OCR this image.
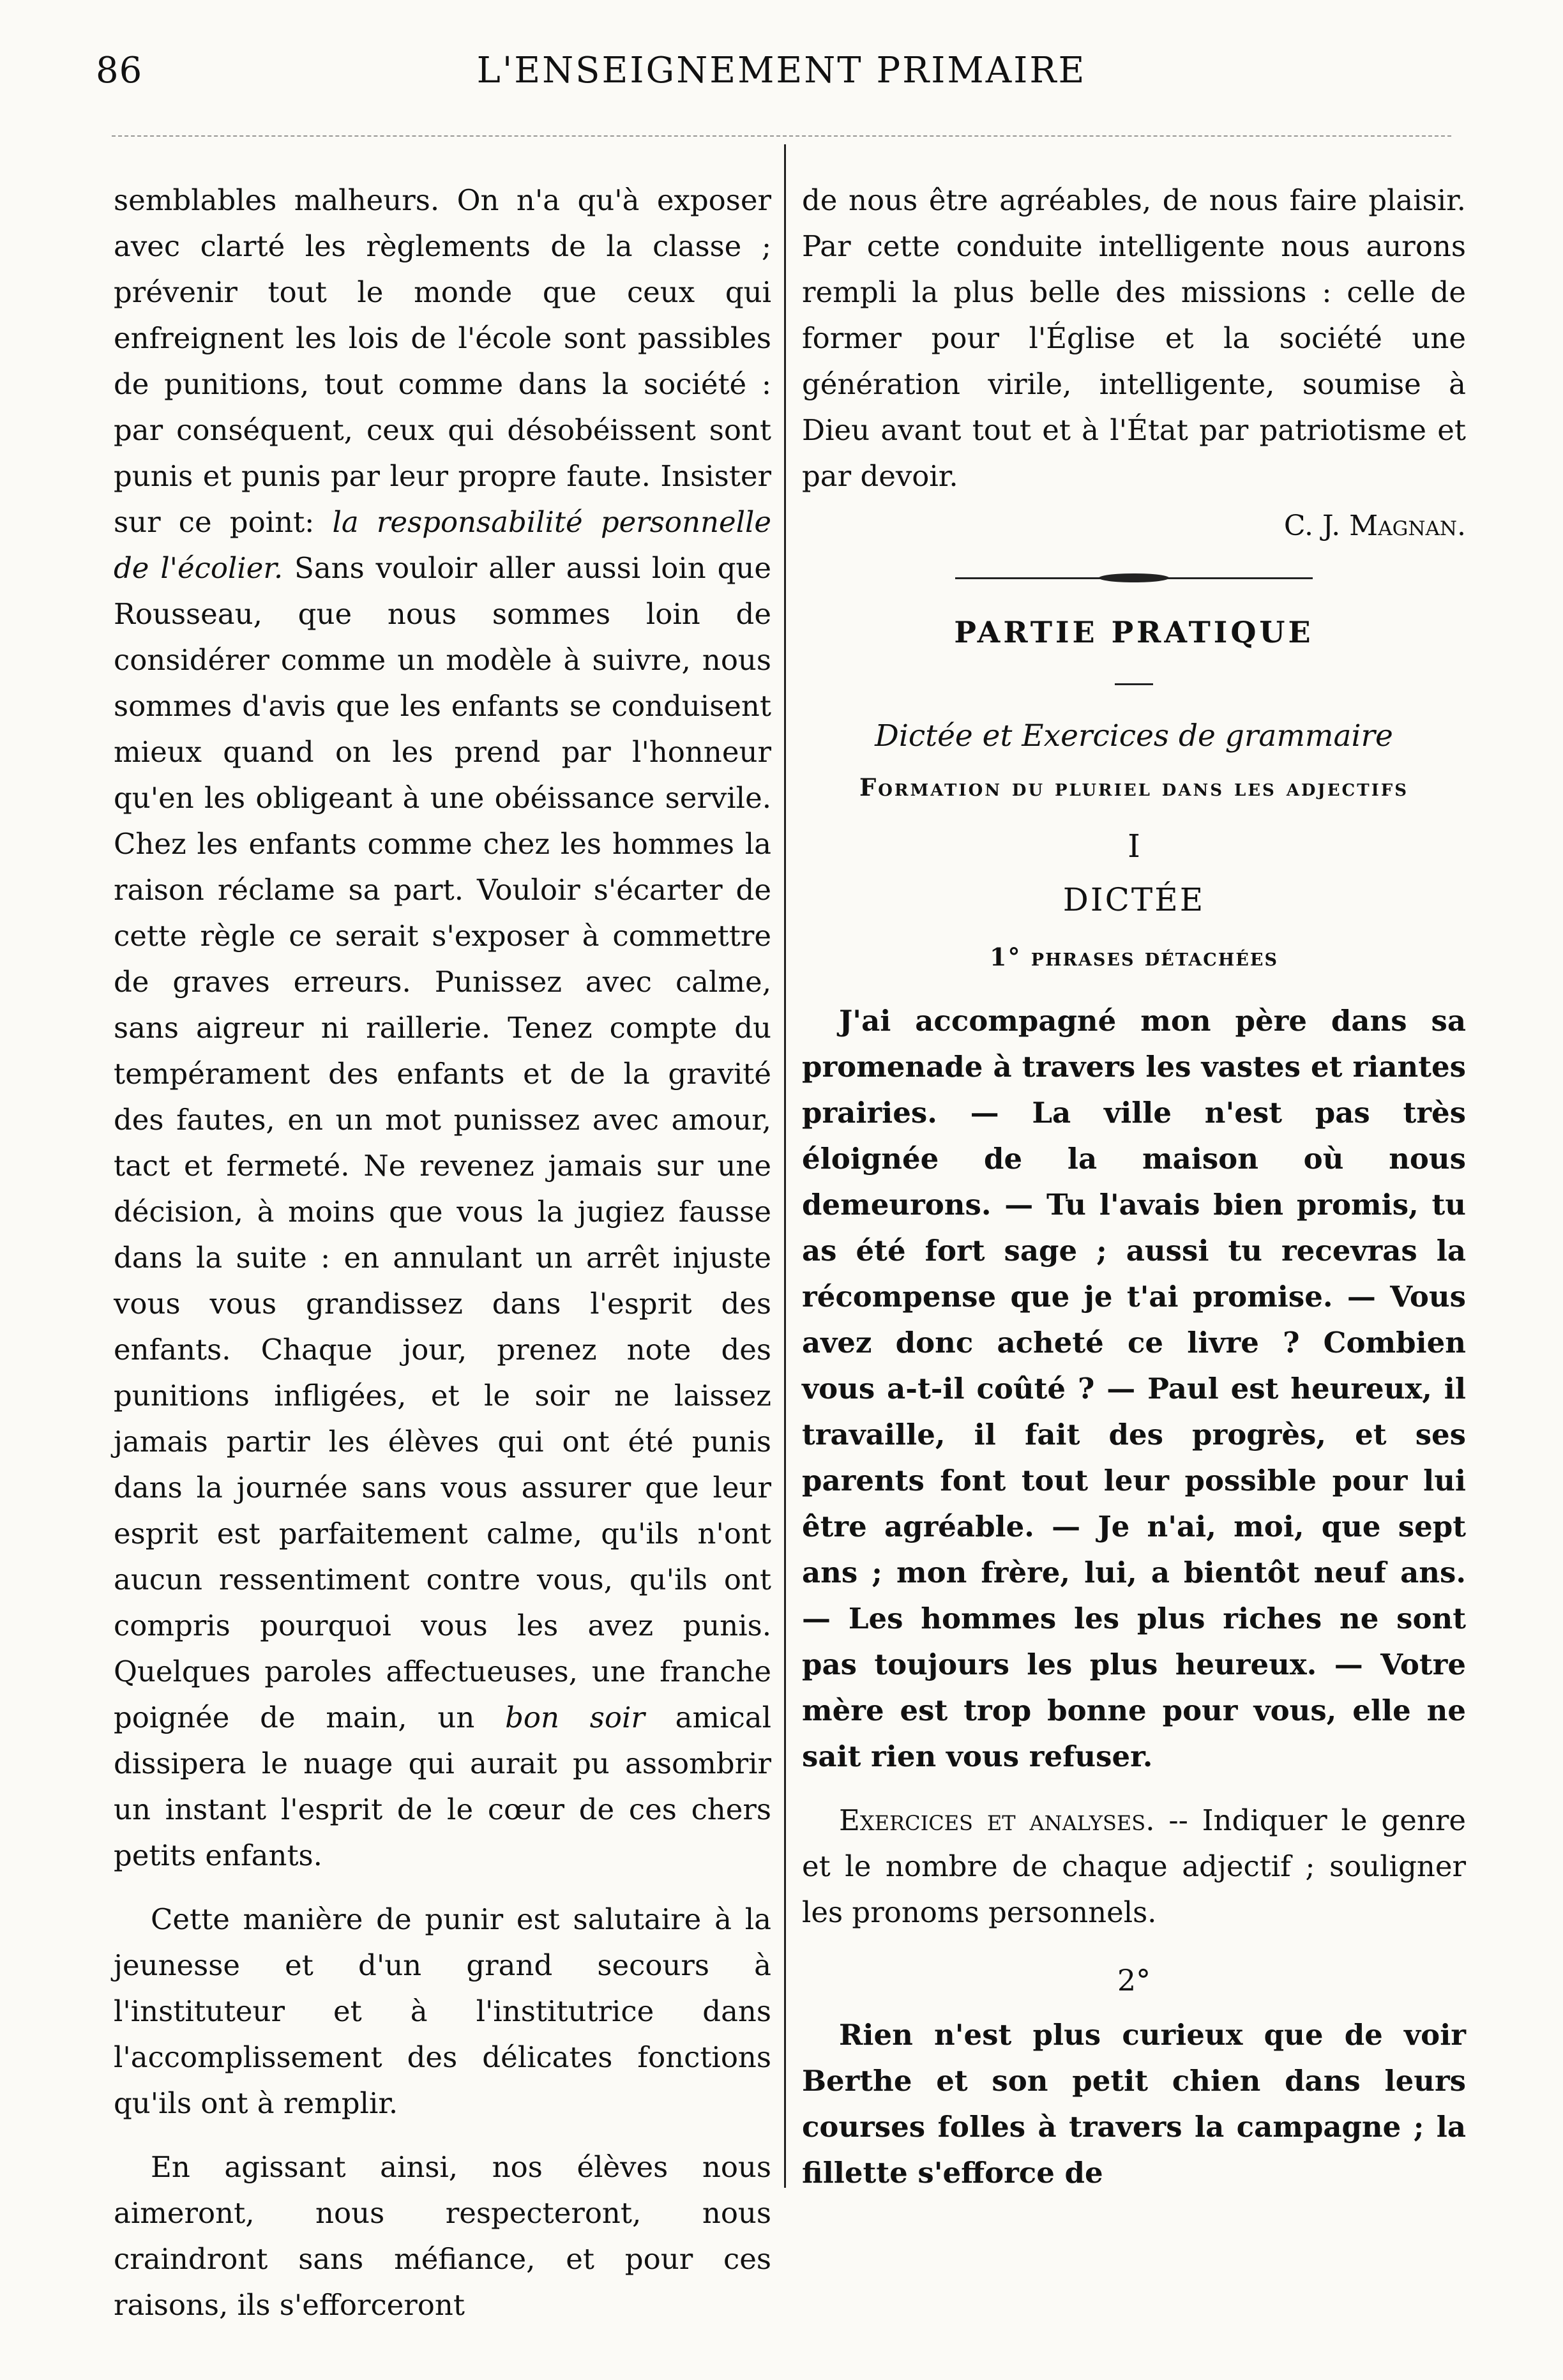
86	L'ENSEIGNEMENT PRIMAIRE

semblables malheurs. On n'a qu'à exposer avec clarté les règlements de la classe ; prévenir tout le monde que ceux qui enfreignent les lois de l'école sont passibles de punitions, tout comme dans la société : par conséquent, ceux qui désobéissent sont punis et punis par leur propre faute. Insister sur ce point: la responsabilité personnelle de l'écolier. Sans vouloir aller aussi loin que Rousseau, que nous sommes loin de considérer comme un modèle à suivre, nous sommes d'avis que les enfants se conduisent mieux quand on les prend par l'honneur qu'en les obligeant à une obéissance servile. Chez les enfants comme chez les hommes la raison réclame sa part. Vouloir s'écarter de cette règle ce serait s'exposer à commettre de graves erreurs. Punissez avec calme, sans aigreur ni raillerie. Tenez compte du tempérament des enfants et de la gravité des fautes, en un mot punissez avec amour, tact et fermeté. Ne revenez jamais sur une décision, à moins que vous la jugiez fausse dans la suite : en annulant un arrêt injuste vous vous grandissez dans l'esprit des enfants. Chaque jour, prenez note des punitions infligées, et le soir ne laissez jamais partir les élèves qui ont été punis dans la journée sans vous assurer que leur esprit est parfaitement calme, qu'ils n'ont aucun ressentiment contre vous, qu'ils ont compris pourquoi vous les avez punis. Quelques paroles affectueuses, une franche poignée de main, un bon soir amical dissipera le nuage qui aurait pu assombrir un instant l'esprit de le cœur de ces chers petits enfants.

Cette manière de punir est salutaire à la jeunesse et d'un grand secours à l'instituteur et à l'institutrice dans l'accomplissement des délicates fonctions qu'ils ont à remplir.

En agissant ainsi, nos élèves nous aimeront, nous respecteront, nous craindront sans méfiance, et pour ces raisons, ils s'efforceront

de nous être agréables, de nous faire plaisir. Par cette conduite intelligente nous aurons rempli la plus belle des missions : celle de former pour l'Église et la société une génération virile, intelligente, soumise à Dieu avant tout et à l'État par patriotisme et par devoir.

C. J. Magnan.

PARTIE PRATIQUE
Dictée et Exercices de grammaire
Formation du pluriel dans les adjectifs
I
DICTÉE
1° phrases détachées

J'ai accompagné mon père dans sa promenade à travers les vastes et riantes prairies. — La ville n'est pas très éloignée de la maison où nous demeurons. — Tu l'avais bien promis, tu as été fort sage ; aussi tu recevras la récompense que je t'ai promise. — Vous avez donc acheté ce livre ? Combien vous a-t-il coûté ? — Paul est heureux, il travaille, il fait des progrès, et ses parents font tout leur possible pour lui être agréable. — Je n'ai, moi, que sept ans ; mon frère, lui, a bientôt neuf ans. — Les hommes les plus riches ne sont pas toujours les plus heureux. — Votre mère est trop bonne pour vous, elle ne sait rien vous refuser.

Exercices et analyses. -- Indiquer le genre et le nombre de chaque adjectif ; souligner les pronoms personnels.

2°

Rien n'est plus curieux que de voir Berthe et son petit chien dans leurs courses folles à travers la campagne ; la fillette s'efforce de
